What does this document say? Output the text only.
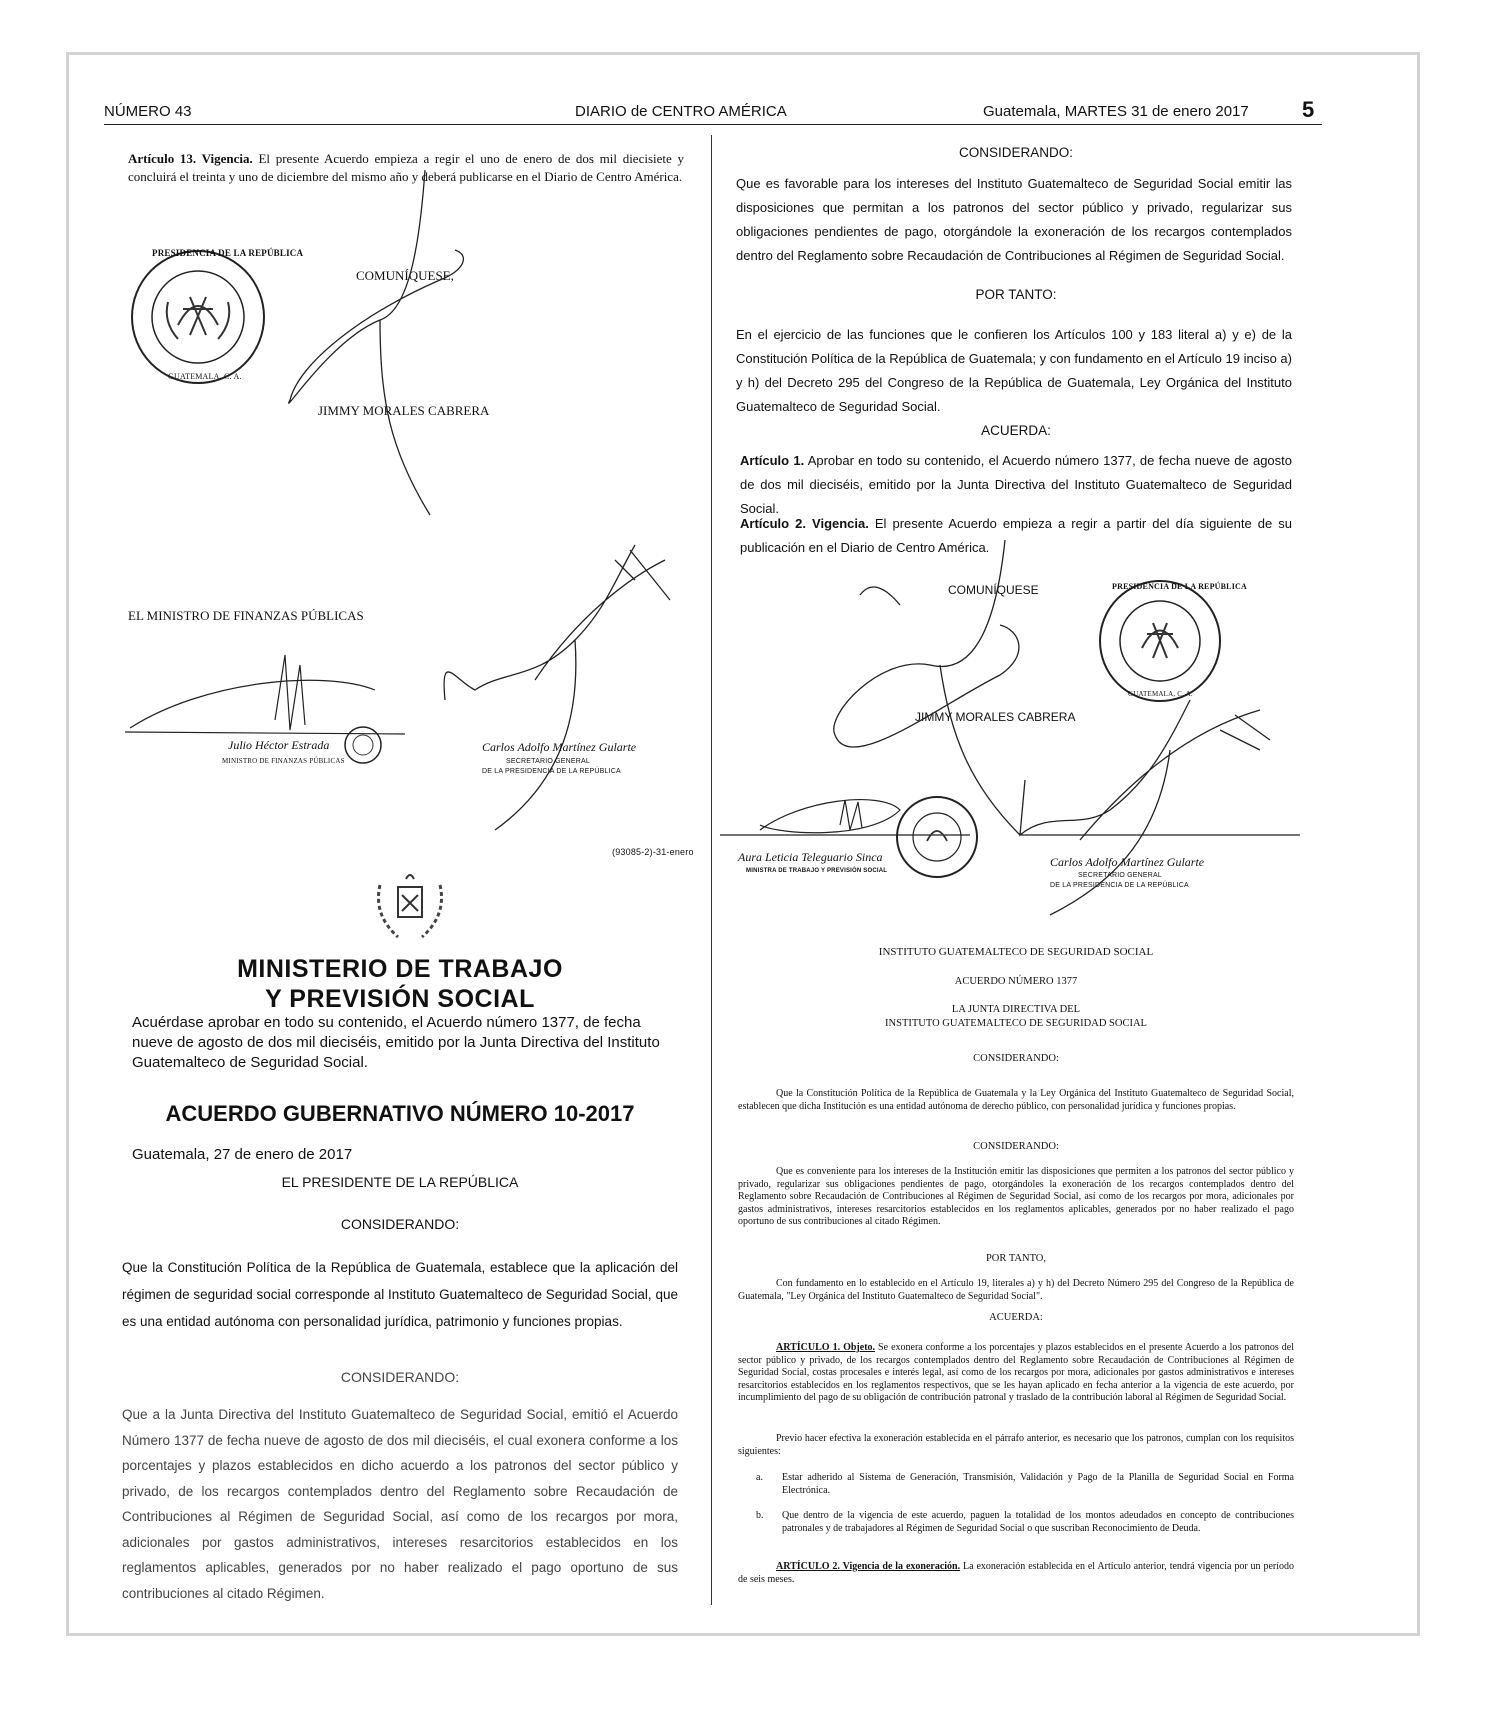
NÚMERO 43	DIARIO de CENTRO AMÉRICA	Guatemala, MARTES 31 de enero 2017 5
Artículo 13. Vigencia. El presente Acuerdo empieza a regir el uno de enero de dos mil diecisiete y concluirá el treinta y uno de diciembre del mismo año y deberá publicarse en el Diario de Centro América.
PRESIDENCIA DE LA REPÚBLICA
GUATEMALA, C. A.
COMUNÍQUESE,
JIMMY MORALES CABRERA
EL MINISTRO DE FINANZAS PÚBLICAS
Julio Héctor Estrada
MINISTRO DE FINANZAS PÚBLICAS
Carlos Adolfo Martínez Gularte
SECRETARIO GENERAL
DE LA PRESIDENCIA DE LA REPÚBLICA
(93085-2)-31-enero
MINISTERIO DE TRABAJO
Y PREVISIÓN SOCIAL
Acuérdase aprobar en todo su contenido, el Acuerdo número 1377, de fecha nueve de agosto de dos mil dieciséis, emitido por la Junta Directiva del Instituto Guatemalteco de Seguridad Social.
ACUERDO GUBERNATIVO NÚMERO 10-2017
Guatemala, 27 de enero de 2017
EL PRESIDENTE DE LA REPÚBLICA
CONSIDERANDO:
Que la Constitución Política de la República de Guatemala, establece que la aplicación del régimen de seguridad social corresponde al Instituto Guatemalteco de Seguridad Social, que es una entidad autónoma con personalidad jurídica, patrimonio y funciones propias.
CONSIDERANDO:
Que a la Junta Directiva del Instituto Guatemalteco de Seguridad Social, emitió el Acuerdo Número 1377 de fecha nueve de agosto de dos mil dieciséis, el cual exonera conforme a los porcentajes y plazos establecidos en dicho acuerdo a los patronos del sector público y privado, de los recargos contemplados dentro del Reglamento sobre Recaudación de Contribuciones al Régimen de Seguridad Social, así como de los recargos por mora, adicionales por gastos administrativos, intereses resarcitorios establecidos en los reglamentos aplicables, generados por no haber realizado el pago oportuno de sus contribuciones al citado Régimen.
CONSIDERANDO:
Que es favorable para los intereses del Instituto Guatemalteco de Seguridad Social emitir las disposiciones que permitan a los patronos del sector público y privado, regularizar sus obligaciones pendientes de pago, otorgándole la exoneración de los recargos contemplados dentro del Reglamento sobre Recaudación de Contribuciones al Régimen de Seguridad Social.
POR TANTO:
En el ejercicio de las funciones que le confieren los Artículos 100 y 183 literal a) y e) de la Constitución Política de la República de Guatemala; y con fundamento en el Artículo 19 inciso a) y h) del Decreto 295 del Congreso de la República de Guatemala, Ley Orgánica del Instituto Guatemalteco de Seguridad Social.
ACUERDA:
Artículo 1. Aprobar en todo su contenido, el Acuerdo número 1377, de fecha nueve de agosto de dos mil dieciséis, emitido por la Junta Directiva del Instituto Guatemalteco de Seguridad Social.
Artículo 2. Vigencia. El presente Acuerdo empieza a regir a partir del día siguiente de su publicación en el Diario de Centro América.
COMUNÍQUESE
JIMMY MORALES CABRERA
PRESIDENCIA DE LA REPÚBLICA
GUATEMALA, C. A.
Aura Leticia Teleguario Sinca
MINISTRA DE TRABAJO Y PREVISIÓN SOCIAL
Carlos Adolfo Martínez Gularte
SECRETARIO GENERAL
DE LA PRESIDENCIA DE LA REPÚBLICA
INSTITUTO GUATEMALTECO DE SEGURIDAD SOCIAL
ACUERDO NÚMERO 1377
LA JUNTA DIRECTIVA DEL
INSTITUTO GUATEMALTECO DE SEGURIDAD SOCIAL
CONSIDERANDO:
Que la Constitución Política de la República de Guatemala y la Ley Orgánica del Instituto Guatemalteco de Seguridad Social, establecen que dicha Institución es una entidad autónoma de derecho público, con personalidad jurídica y funciones propias.
CONSIDERANDO:
Que es conveniente para los intereses de la Institución emitir las disposiciones que permiten a los patronos del sector público y privado, regularizar sus obligaciones pendientes de pago, otorgándoles la exoneración de los recargos contemplados dentro del Reglamento sobre Recaudación de Contribuciones al Régimen de Seguridad Social, así como de los recargos por mora, adicionales por gastos administrativos, intereses resarcitorios establecidos en los reglamentos aplicables, generados por no haber realizado el pago oportuno de sus contribuciones al citado Régimen.
POR TANTO,
Con fundamento en lo establecido en el Artículo 19, literales a) y h) del Decreto Número 295 del Congreso de la República de Guatemala, "Ley Orgánica del Instituto Guatemalteco de Seguridad Social".
ACUERDA:
ARTÍCULO 1. Objeto. Se exonera conforme a los porcentajes y plazos establecidos en el presente Acuerdo a los patronos del sector público y privado, de los recargos contemplados dentro del Reglamento sobre Recaudación de Contribuciones al Régimen de Seguridad Social, costas procesales e interés legal, así como de los recargos por mora, adicionales por gastos administrativos e intereses resarcitorios establecidos en los reglamentos respectivos, que se les hayan aplicado en fecha anterior a la vigencia de este acuerdo, por incumplimiento del pago de su obligación de contribución patronal y traslado de la contribución laboral al Régimen de Seguridad Social.
Previo hacer efectiva la exoneración establecida en el párrafo anterior, es necesario que los patronos, cumplan con los requisitos siguientes:
a.	Estar adherido al Sistema de Generación, Transmisión, Validación y Pago de la Planilla de Seguridad Social en Forma Electrónica.
b.	Que dentro de la vigencia de este acuerdo, paguen la totalidad de los montos adeudados en concepto de contribuciones patronales y de trabajadores al Régimen de Seguridad Social o que suscriban Reconocimiento de Deuda.
ARTÍCULO 2. Vigencia de la exoneración. La exoneración establecida en el Artículo anterior, tendrá vigencia por un período de seis meses.
